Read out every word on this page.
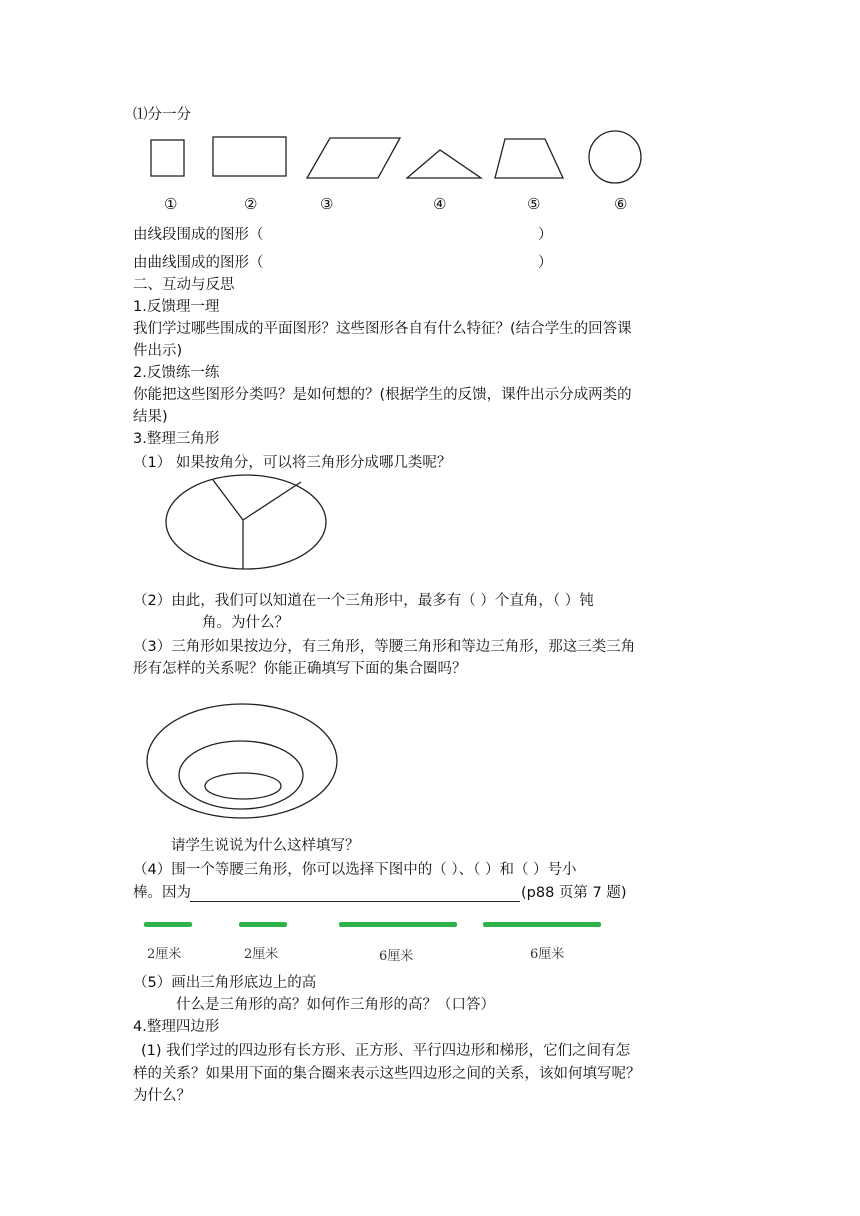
⑴分一分
①	②	③	④	⑤	⑥
由线段围成的图形（	）
由曲线围成的图形（	）
二、互动与反思
1.反馈理一理
我们学过哪些围成的平面图形？这些图形各自有什么特征？(结合学生的回答课
件出示)
2.反馈练一练
你能把这些图形分类吗？是如何想的？(根据学生的反馈，课件出示分成两类的
结果)
3.整理三角形
（1） 如果按角分，可以将三角形分成哪几类呢？
（2）由此，我们可以知道在一个三角形中，最多有（ ）个直角，（ ）钝
角。为什么？
（3）三角形如果按边分，有三角形，等腰三角形和等边三角形，那这三类三角
形有怎样的关系呢？你能正确填写下面的集合圈吗？
请学生说说为什么这样填写？
（4）围一个等腰三角形，你可以选择下图中的（ ）、（ ）和（ ）号小
棒。因为	(p88 页第 7 题)
2厘米	2厘米	6厘米	6厘米
（5）画出三角形底边上的高
什么是三角形的高？如何作三角形的高？（口答）
4.整理四边形
(1) 我们学过的四边形有长方形、正方形、平行四边形和梯形，它们之间有怎
样的关系？如果用下面的集合圈来表示这些四边形之间的关系，该如何填写呢？
为什么？
